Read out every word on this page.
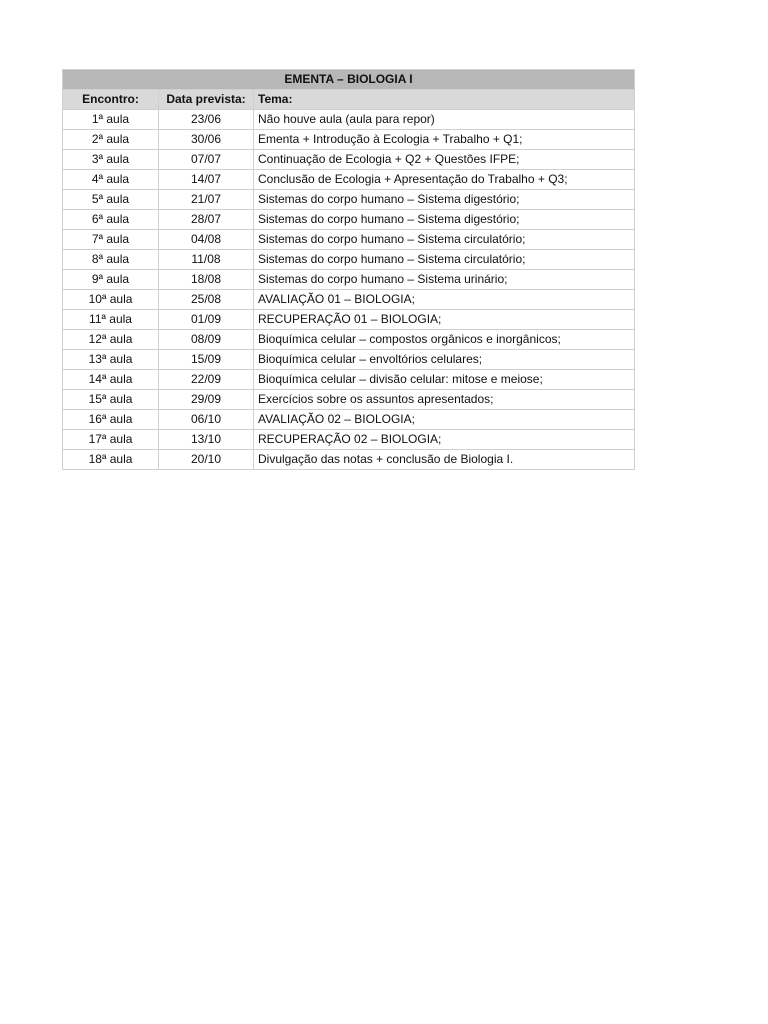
EMENTA – BIOLOGIA I		
Encontro:	Data prevista:	Tema:
1ª aula	23/06	Não houve aula (aula para repor)
2ª aula	30/06	Ementa + Introdução à Ecologia + Trabalho + Q1;
3ª aula	07/07	Continuação de Ecologia + Q2 + Questões IFPE;
4ª aula	14/07	Conclusão de Ecologia + Apresentação do Trabalho + Q3;
5ª aula	21/07	Sistemas do corpo humano – Sistema digestório;
6ª aula	28/07	Sistemas do corpo humano – Sistema digestório;
7ª aula	04/08	Sistemas do corpo humano – Sistema circulatório;
8ª aula	11/08	Sistemas do corpo humano – Sistema circulatório;
9ª aula	18/08	Sistemas do corpo humano – Sistema urinário;
10ª aula	25/08	AVALIAÇÃO 01 – BIOLOGIA;
11ª aula	01/09	RECUPERAÇÃO 01 – BIOLOGIA;
12ª aula	08/09	Bioquímica celular – compostos orgânicos e inorgânicos;
13ª aula	15/09	Bioquímica celular – envoltórios celulares;
14ª aula	22/09	Bioquímica celular – divisão celular: mitose e meiose;
15ª aula	29/09	Exercícios sobre os assuntos apresentados;
16ª aula	06/10	AVALIAÇÃO 02 – BIOLOGIA;
17ª aula	13/10	RECUPERAÇÃO 02 – BIOLOGIA;
18ª aula	20/10	Divulgação das notas + conclusão de Biologia I.
